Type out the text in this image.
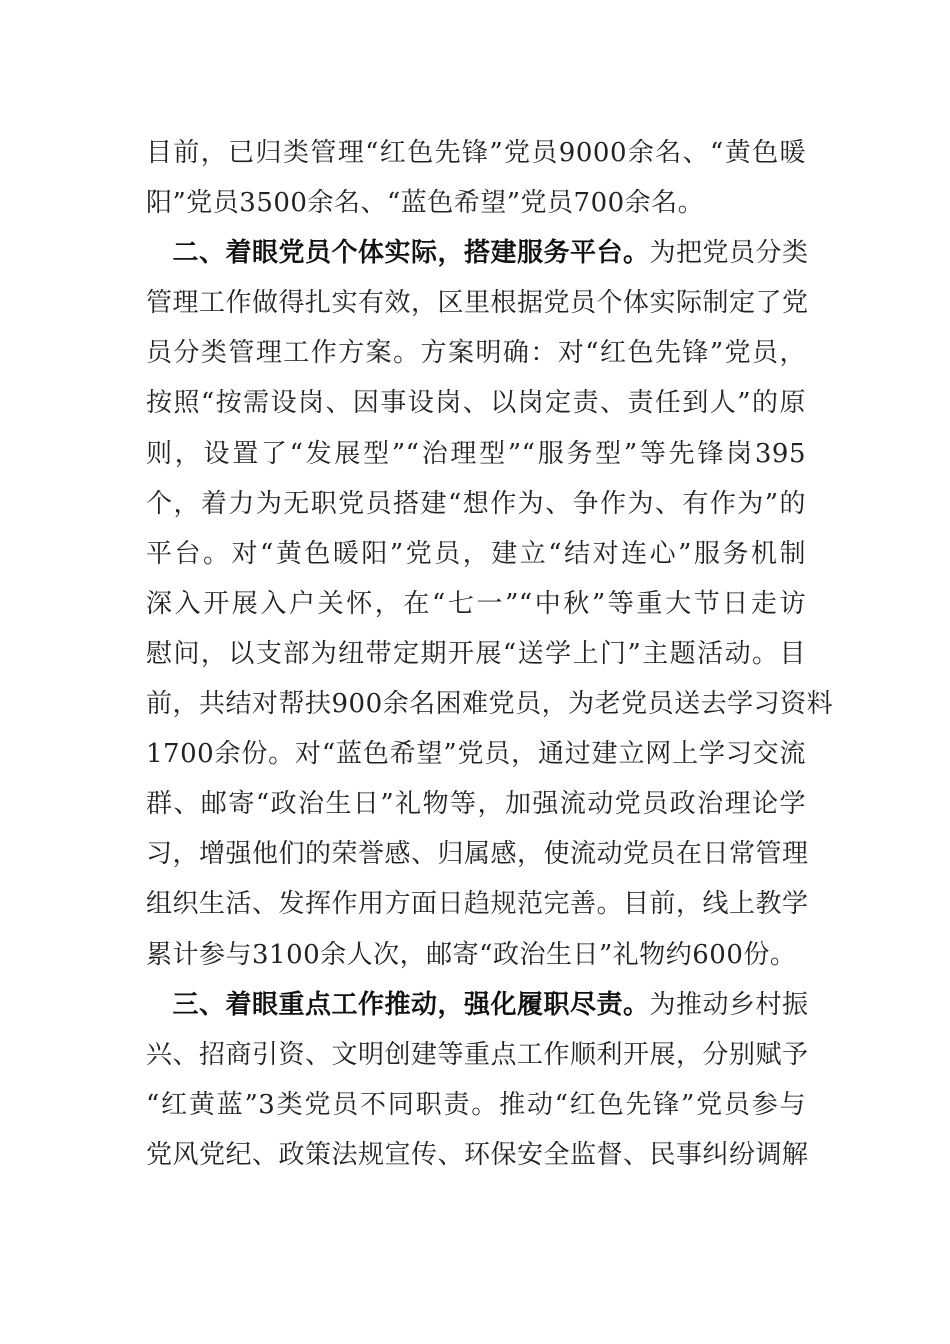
目前，已归类管理“红色先锋”党员9000余名、“黄色暖
阳”党员3500余名、“蓝色希望”党员700余名。
　二、着眼党员个体实际，搭建服务平台。为把党员分类
管理工作做得扎实有效，区里根据党员个体实际制定了党
员分类管理工作方案。方案明确：对“红色先锋”党员，
按照“按需设岗、因事设岗、以岗定责、责任到人”的原
则，设置了“发展型”“治理型”“服务型”等先锋岗395
个，着力为无职党员搭建“想作为、争作为、有作为”的
平台。对“黄色暖阳”党员，建立“结对连心”服务机制
深入开展入户关怀，在“七一”“中秋”等重大节日走访
慰问，以支部为纽带定期开展“送学上门”主题活动。目
前，共结对帮扶900余名困难党员，为老党员送去学习资料
1700余份。对“蓝色希望”党员，通过建立网上学习交流
群、邮寄“政治生日”礼物等，加强流动党员政治理论学
习，增强他们的荣誉感、归属感，使流动党员在日常管理
组织生活、发挥作用方面日趋规范完善。目前，线上教学
累计参与3100余人次，邮寄“政治生日”礼物约600份。
　三、着眼重点工作推动，强化履职尽责。为推动乡村振
兴、招商引资、文明创建等重点工作顺利开展，分别赋予
“红黄蓝”3类党员不同职责。推动“红色先锋”党员参与
党风党纪、政策法规宣传、环保安全监督、民事纠纷调解
